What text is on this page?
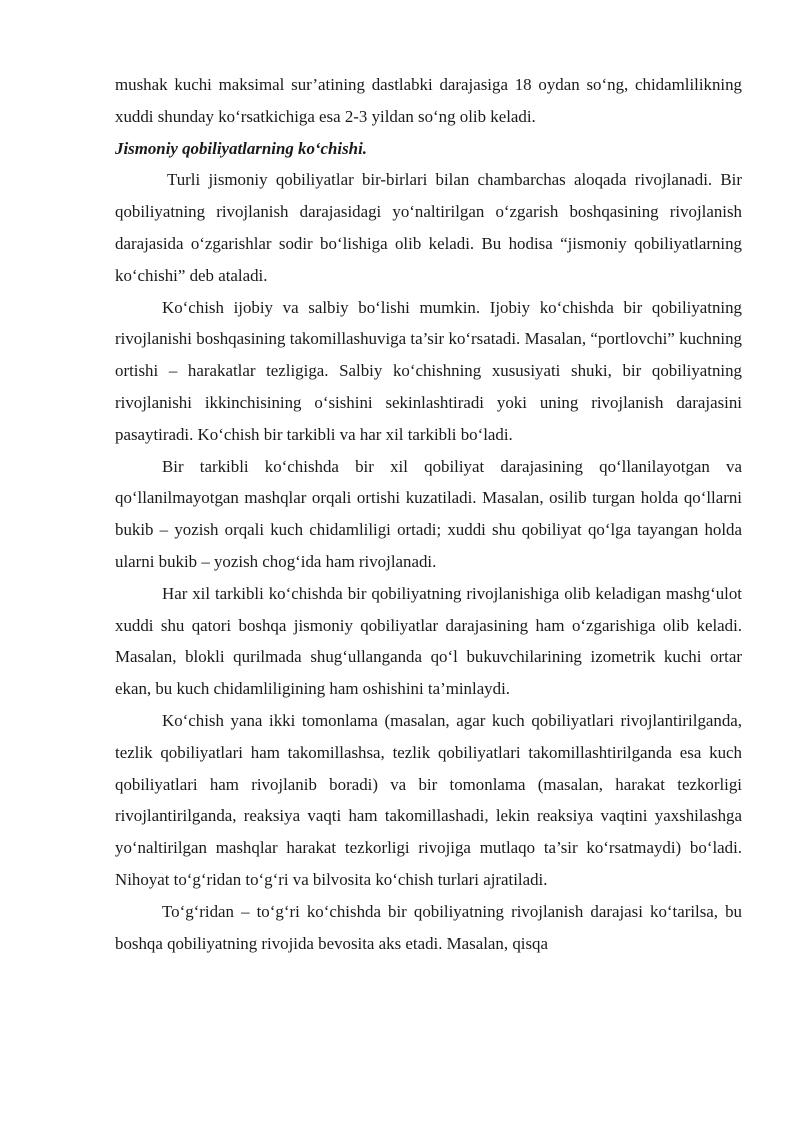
mushak kuchi maksimal sur’atining dastlabki darajasiga 18 oydan so‘ng, chidamlilikning xuddi shunday ko‘rsatkichiga esa 2-3 yildan so‘ng olib keladi.

Jismoniy qobiliyatlarning ko‘chishi.

Turli jismoniy qobiliyatlar bir-birlari bilan chambarchas aloqada rivojlanadi. Bir qobiliyatning rivojlanish darajasidagi yo‘naltirilgan o‘zgarish boshqasining rivojlanish darajasida o‘zgarishlar sodir bo‘lishiga olib keladi. Bu hodisa “jismoniy qobiliyatlarning ko‘chishi” deb ataladi.

Ko‘chish ijobiy va salbiy bo‘lishi mumkin. Ijobiy ko‘chishda bir qobiliyatning rivojlanishi boshqasining takomillashuviga ta’sir ko‘rsatadi. Masalan, “portlovchi” kuchning ortishi – harakatlar tezligiga. Salbiy ko‘chishning xususiyati shuki, bir qobiliyatning rivojlanishi ikkinchisining o‘sishini sekinlashtiradi yoki uning rivojlanish darajasini pasaytiradi. Ko‘chish bir tarkibli va har xil tarkibli bo‘ladi.

Bir tarkibli ko‘chishda bir xil qobiliyat darajasining qo‘llanilayotgan va qo‘llanilmayotgan mashqlar orqali ortishi kuzatiladi. Masalan, osilib turgan holda qo‘llarni bukib – yozish orqali kuch chidamliligi ortadi; xuddi shu qobiliyat qo‘lga tayangan holda ularni bukib – yozish chog‘ida ham rivojlanadi.

Har xil tarkibli ko‘chishda bir qobiliyatning rivojlanishiga olib keladigan mashg‘ulot xuddi shu qatori boshqa jismoniy qobiliyatlar darajasining ham o‘zgarishiga olib keladi. Masalan, blokli qurilmada shug‘ullanganda qo‘l bukuvchilarining izometrik kuchi ortar ekan, bu kuch chidamliligining ham oshishini ta’minlaydi.

Ko‘chish yana ikki tomonlama (masalan, agar kuch qobiliyatlari rivojlantirilganda, tezlik qobiliyatlari ham takomillashsa, tezlik qobiliyatlari takomillashtirilganda esa kuch qobiliyatlari ham rivojlanib boradi) va bir tomonlama (masalan, harakat tezkorligi rivojlantirilganda, reaksiya vaqti ham takomillashadi, lekin reaksiya vaqtini yaxshilashga yo‘naltirilgan mashqlar harakat tezkorligi rivojiga mutlaqo ta’sir ko‘rsatmaydi) bo‘ladi. Nihoyat to‘g‘ridan to‘g‘ri va bilvosita ko‘chish turlari ajratiladi.

To‘g‘ridan – to‘g‘ri ko‘chishda bir qobiliyatning rivojlanish darajasi ko‘tarilsa, bu boshqa qobiliyatning rivojida bevosita aks etadi. Masalan, qisqa
